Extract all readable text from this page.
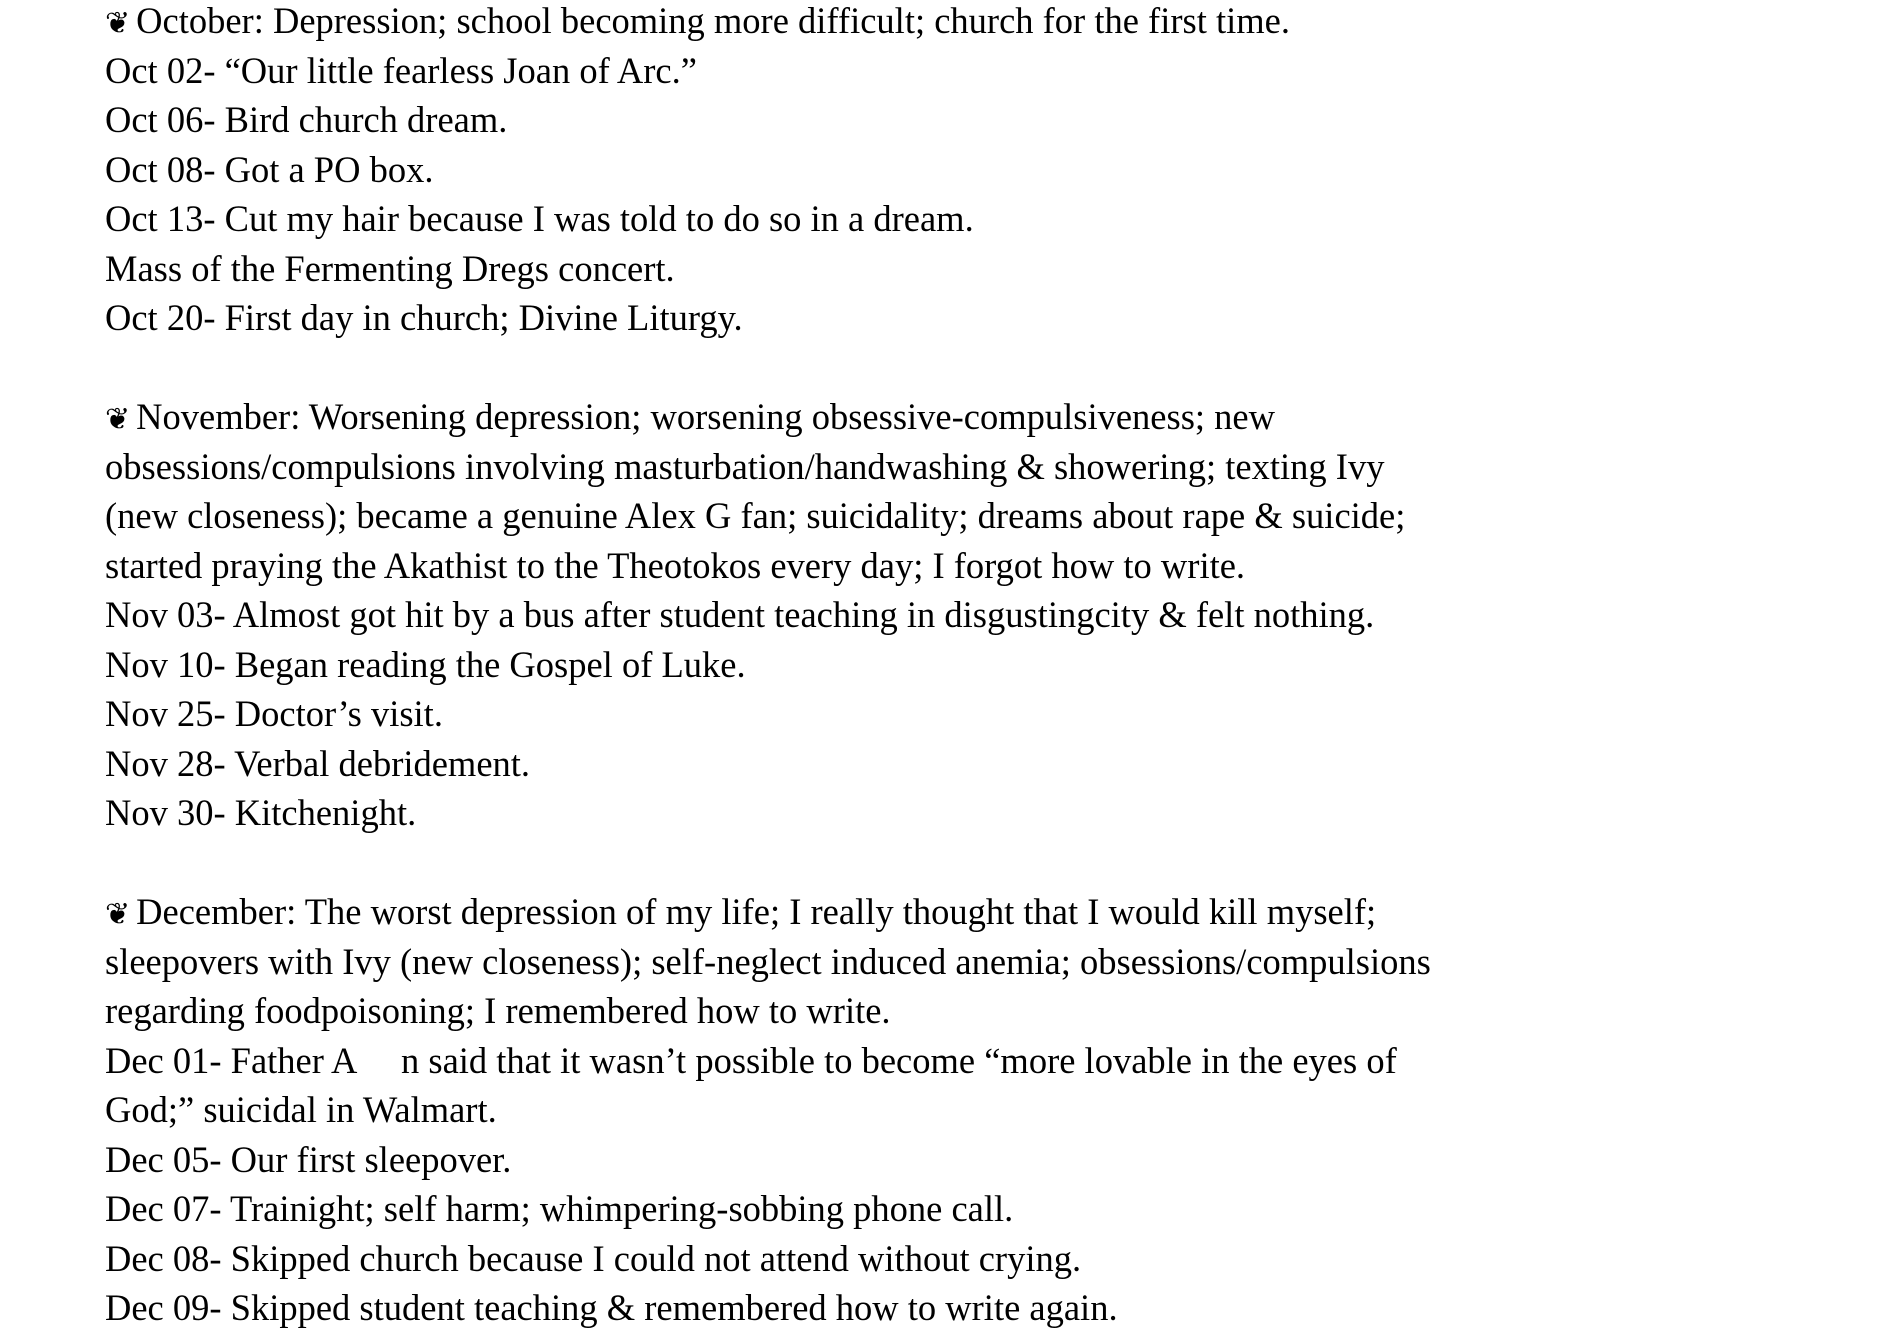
❦ October: Depression; school becoming more difficult; church for the first time.
Oct 02- “Our little fearless Joan of Arc.”
Oct 06- Bird church dream.
Oct 08- Got a PO box.
Oct 13- Cut my hair because I was told to do so in a dream.
Mass of the Fermenting Dregs concert.
Oct 20- First day in church; Divine Liturgy.
❦ November: Worsening depression; worsening obsessive-compulsiveness; new
obsessions/compulsions involving masturbation/handwashing & showering; texting Ivy
(new closeness); became a genuine Alex G fan; suicidality; dreams about rape & suicide;
started praying the Akathist to the Theotokos every day; I forgot how to write.
Nov 03- Almost got hit by a bus after student teaching in disgustingcity & felt nothing.
Nov 10- Began reading the Gospel of Luke.
Nov 25- Doctor’s visit.
Nov 28- Verbal debridement.
Nov 30- Kitchenight.
❦ December: The worst depression of my life; I really thought that I would kill myself;
sleepovers with Ivy (new closeness); self-neglect induced anemia; obsessions/compulsions
regarding foodpoisoning; I remembered how to write.
Dec 01- Father A     n said that it wasn’t possible to become “more lovable in the eyes of
God;” suicidal in Walmart.
Dec 05- Our first sleepover.
Dec 07- Trainight; self harm; whimpering-sobbing phone call.
Dec 08- Skipped church because I could not attend without crying.
Dec 09- Skipped student teaching & remembered how to write again.
